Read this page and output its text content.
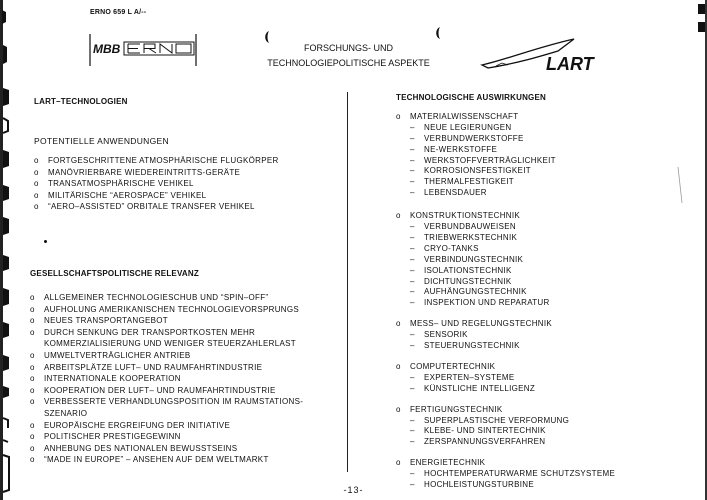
ERNO 659 L A/--
MBB	FORSCHUNGS- UND
TECHNOLOGIEPOLITISCHE ASPEKTE	LART
LART–TECHNOLOGIEN
POTENTIELLE ANWENDUNGEN
o FORTGESCHRITTENE ATMOSPHÄRISCHE FLUGKÖRPER
o MANÖVRIERBARE WIEDEREINTRITTS-GERÄTE
o TRANSATMOSPHÄRISCHE VEHIKEL
o MILITÄRISCHE “AEROSPACE” VEHIKEL
o “AERO–ASSISTED” ORBITALE TRANSFER VEHIKEL
GESELLSCHAFTSPOLITISCHE RELEVANZ
o ALLGEMEINER TECHNOLOGIESCHUB UND “SPIN–OFF”
o AUFHOLUNG AMERIKANISCHEN TECHNOLOGIEVORSPRUNGS
o NEUES TRANSPORTANGEBOT
o DURCH SENKUNG DER TRANSPORTKOSTEN MEHR
KOMMERZIALISIERUNG UND WENIGER STEUERZAHLERLAST
o UMWELTVERTRÄGLICHER ANTRIEB
o ARBEITSPLÄTZE LUFT– UND RAUMFAHRTINDUSTRIE
o INTERNATIONALE KOOPERATION
o KOOPERATION DER LUFT– UND RAUMFAHRTINDUSTRIE
o VERBESSERTE VERHANDLUNGSPOSITION IM RAUMSTATIONS-
SZENARIO
o EUROPÄISCHE ERGREIFUNG DER INITIATIVE
o POLITISCHER PRESTIGEGEWINN
o ANHEBUNG DES NATIONALEN BEWUSSTSEINS
o “MADE IN EUROPE” – ANSEHEN AUF DEM WELTMARKT
TECHNOLOGISCHE AUSWIRKUNGEN
o MATERIALWISSENSCHAFT
– NEUE LEGIERUNGEN
– VERBUNDWERKSTOFFE
– NE-WERKSTOFFE
– WERKSTOFFVERTRÄGLICHKEIT
– KORROSIONSFESTIGKEIT
– THERMALFESTIGKEIT
– LEBENSDAUER
o KONSTRUKTIONSTECHNIK
– VERBUNDBAUWEISEN
– TRIEBWERKSTECHNIK
– CRYO-TANKS
– VERBINDUNGSTECHNIK
– ISOLATIONSTECHNIK
– DICHTUNGSTECHNIK
– AUFHÄNGUNGSTECHNIK
– INSPEKTION UND REPARATUR
o MESS– UND REGELUNGSTECHNIK
– SENSORIK
– STEUERUNGSTECHNIK
o COMPUTERTECHNIK
– EXPERTEN–SYSTEME
– KÜNSTLICHE INTELLIGENZ
o FERTIGUNGSTECHNIK
– SUPERPLASTISCHE VERFORMUNG
– KLEBE- UND SINTERTECHNIK
– ZERSPANNUNGSVERFAHREN
o ENERGIETECHNIK
– HOCHTEMPERATURWARME SCHUTZSYSTEME
– HOCHLEISTUNGSTURBINE
-13-
